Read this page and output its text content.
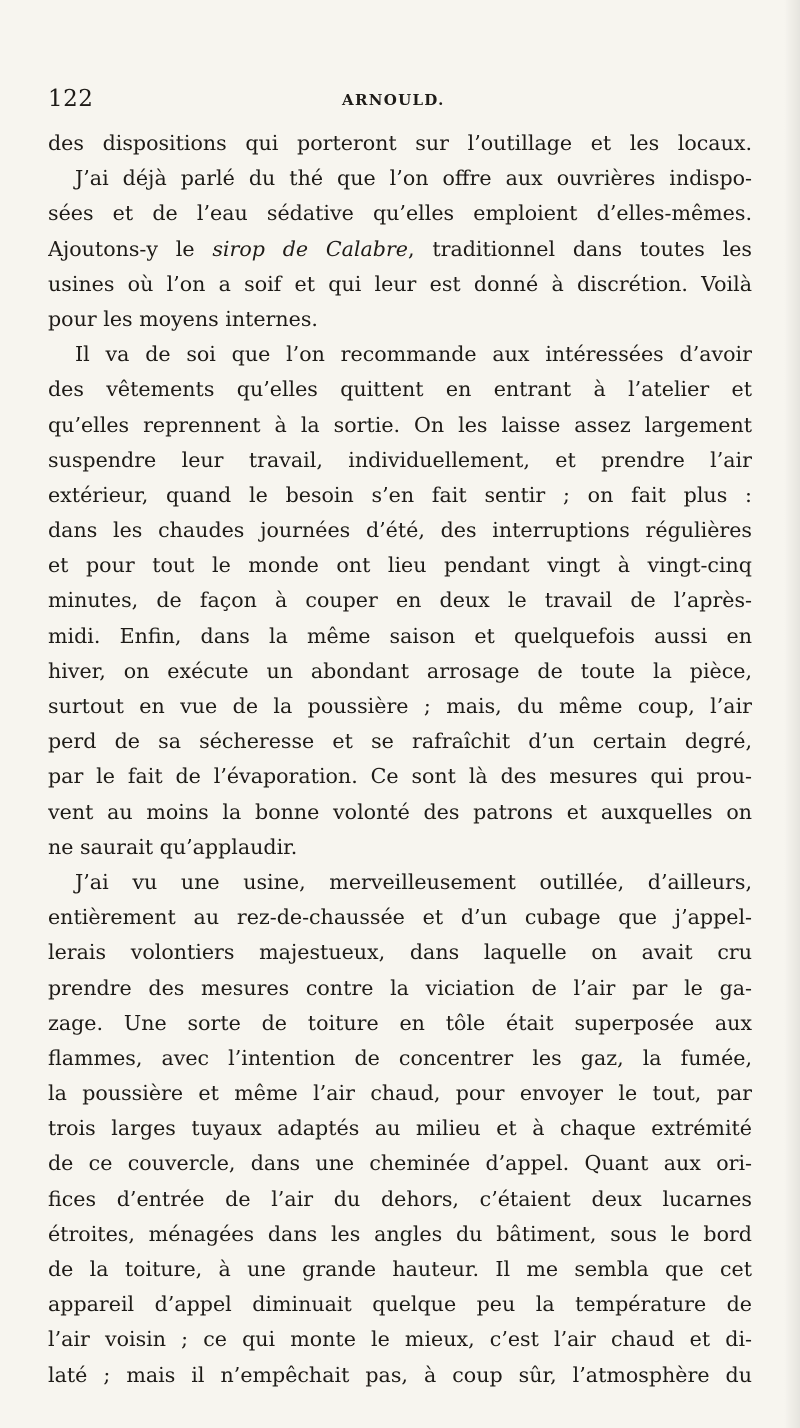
122	ARNOULD.
des dispositions qui porteront sur l’outillage et les locaux.
J’ai déjà parlé du thé que l’on offre aux ouvrières indispo-
sées et de l’eau sédative qu’elles emploient d’elles-mêmes.
Ajoutons-y le sirop de Calabre, traditionnel dans toutes les
usines où l’on a soif et qui leur est donné à discrétion. Voilà
pour les moyens internes.
Il va de soi que l’on recommande aux intéressées d’avoir
des vêtements qu’elles quittent en entrant à l’atelier et
qu’elles reprennent à la sortie. On les laisse assez largement
suspendre leur travail, individuellement, et prendre l’air
extérieur, quand le besoin s’en fait sentir ; on fait plus :
dans les chaudes journées d’été, des interruptions régulières
et pour tout le monde ont lieu pendant vingt à vingt-cinq
minutes, de façon à couper en deux le travail de l’après-
midi. Enfin, dans la même saison et quelquefois aussi en
hiver, on exécute un abondant arrosage de toute la pièce,
surtout en vue de la poussière ; mais, du même coup, l’air
perd de sa sécheresse et se rafraîchit d’un certain degré,
par le fait de l’évaporation. Ce sont là des mesures qui prou-
vent au moins la bonne volonté des patrons et auxquelles on
ne saurait qu’applaudir.
J’ai vu une usine, merveilleusement outillée, d’ailleurs,
entièrement au rez-de-chaussée et d’un cubage que j’appel-
lerais volontiers majestueux, dans laquelle on avait cru
prendre des mesures contre la viciation de l’air par le ga-
zage. Une sorte de toiture en tôle était superposée aux
flammes, avec l’intention de concentrer les gaz, la fumée,
la poussière et même l’air chaud, pour envoyer le tout, par
trois larges tuyaux adaptés au milieu et à chaque extrémité
de ce couvercle, dans une cheminée d’appel. Quant aux ori-
fices d’entrée de l’air du dehors, c’étaient deux lucarnes
étroites, ménagées dans les angles du bâtiment, sous le bord
de la toiture, à une grande hauteur. Il me sembla que cet
appareil d’appel diminuait quelque peu la température de
l’air voisin ; ce qui monte le mieux, c’est l’air chaud et di-
laté ; mais il n’empêchait pas, à coup sûr, l’atmosphère du
